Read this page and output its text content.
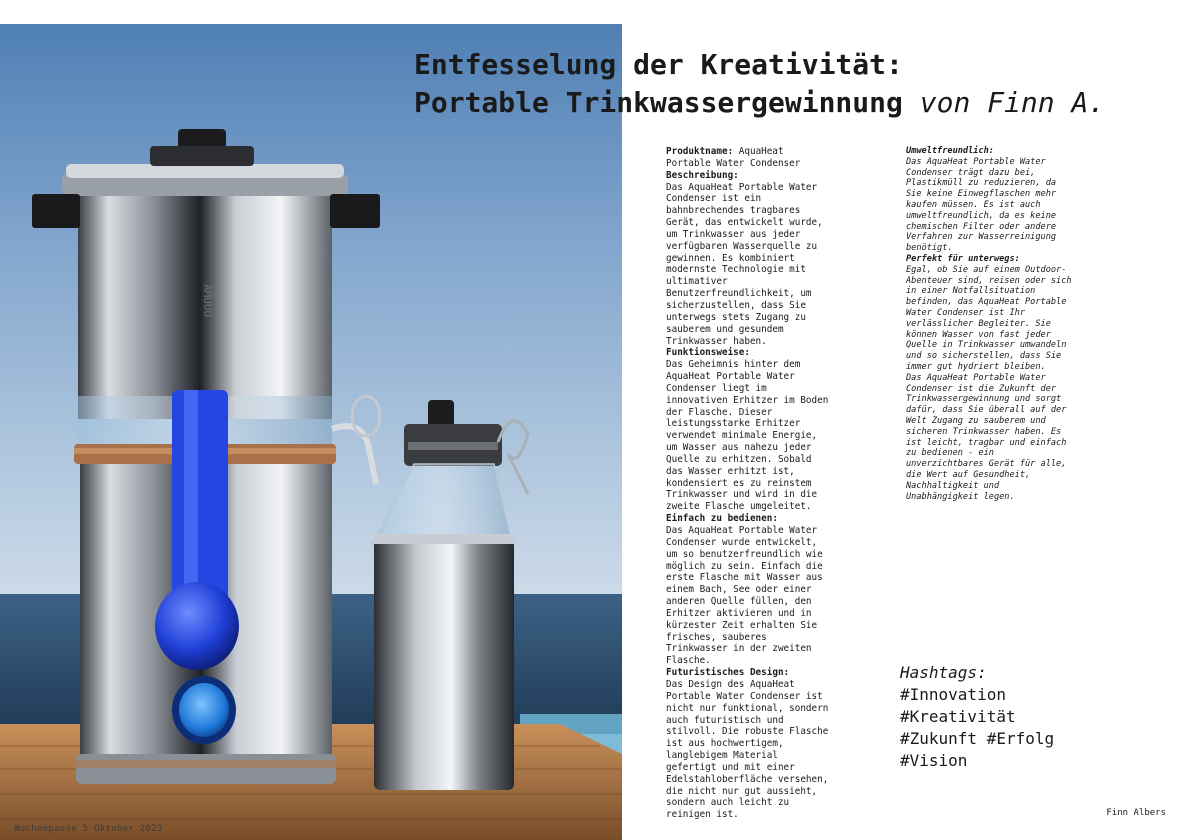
AMUUU
Wochenpause 5 Oktober 2023
Entfesselung der Kreativität:
Portable Trinkwassergewinnung von Finn A.
Produktname: AquaHeat Portable Water Condenser
Beschreibung:
Das AquaHeat Portable Water Condenser ist ein bahnbrechendes tragbares Gerät, das entwickelt wurde, um Trinkwasser aus jeder verfügbaren Wasserquelle zu gewinnen. Es kombiniert modernste Technologie mit ultimativer Benutzerfreundlichkeit, um sicherzustellen, dass Sie unterwegs stets Zugang zu sauberem und gesundem Trinkwasser haben.
Funktionsweise:
Das Geheimnis hinter dem AquaHeat Portable Water Condenser liegt im innovativen Erhitzer im Boden der Flasche. Dieser leistungsstarke Erhitzer verwendet minimale Energie, um Wasser aus nahezu jeder Quelle zu erhitzen. Sobald das Wasser erhitzt ist, kondensiert es zu reinstem Trinkwasser und wird in die zweite Flasche umgeleitet.
Einfach zu bedienen:
Das AquaHeat Portable Water Condenser wurde entwickelt, um so benutzerfreundlich wie möglich zu sein. Einfach die erste Flasche mit Wasser aus einem Bach, See oder einer anderen Quelle füllen, den Erhitzer aktivieren und in kürzester Zeit erhalten Sie frisches, sauberes Trinkwasser in der zweiten Flasche.
Futuristisches Design:
Das Design des AquaHeat Portable Water Condenser ist nicht nur funktional, sondern auch futuristisch und stilvoll. Die robuste Flasche ist aus hochwertigem, langlebigem Material gefertigt und mit einer Edelstahloberfläche versehen, die nicht nur gut aussieht, sondern auch leicht zu reinigen ist.
Umweltfreundlich:
Das AquaHeat Portable Water Condenser trägt dazu bei, Plastikmüll zu reduzieren, da Sie keine Einwegflaschen mehr kaufen müssen. Es ist auch umweltfreundlich, da es keine chemischen Filter oder andere Verfahren zur Wasserreinigung benötigt.
Perfekt für unterwegs:
Egal, ob Sie auf einem Outdoor-Abenteuer sind, reisen oder sich in einer Notfallsituation befinden, das AquaHeat Portable Water Condenser ist Ihr verlässlicher Begleiter. Sie können Wasser von fast jeder Quelle in Trinkwasser umwandeln und so sicherstellen, dass Sie immer gut hydriert bleiben.
Das AquaHeat Portable Water Condenser ist die Zukunft der Trinkwassergewinnung und sorgt dafür, dass Sie überall auf der Welt Zugang zu sauberem und sicheren Trinkwasser haben. Es ist leicht, tragbar und einfach zu bedienen - ein unverzichtbares Gerät für alle, die Wert auf Gesundheit, Nachhaltigkeit und Unabhängigkeit legen.
Hashtags:
#Innovation
#Kreativität
#Zukunft #Erfolg
#Vision
Finn Albers
